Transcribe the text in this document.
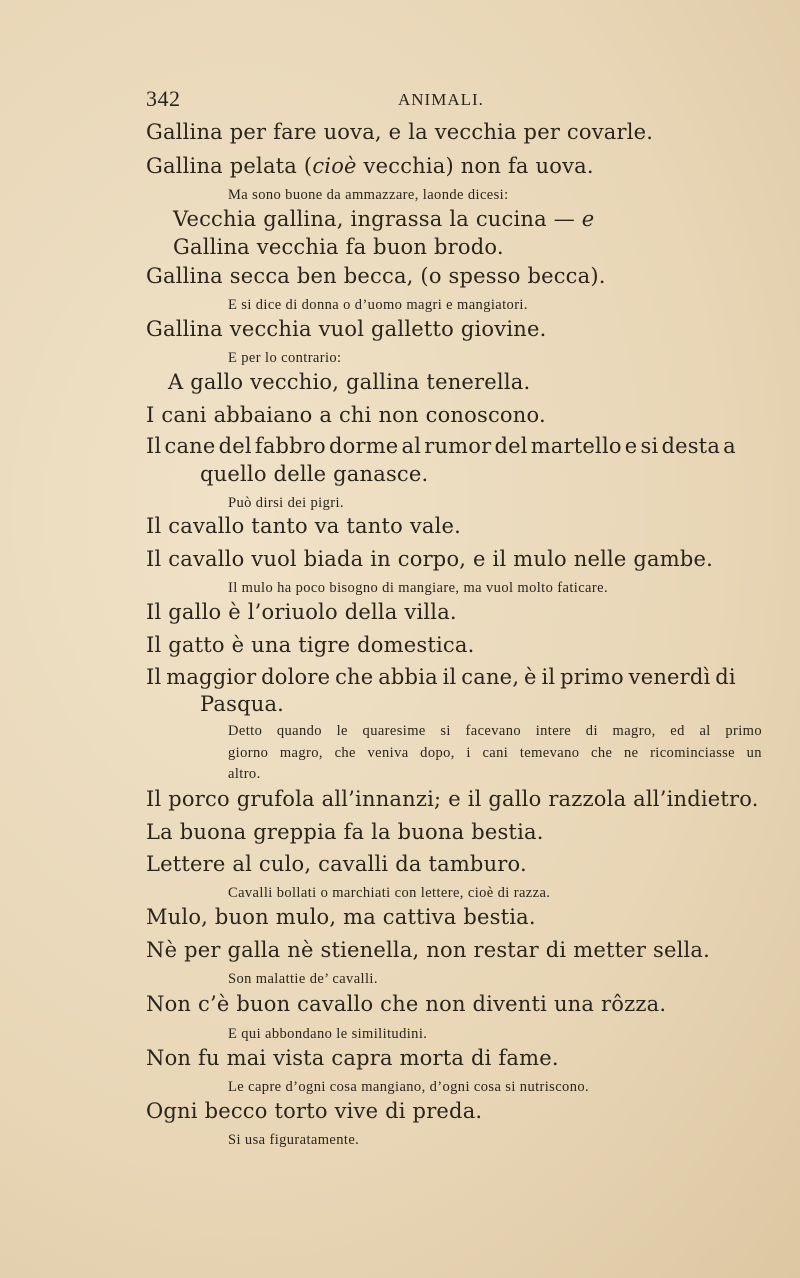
342	ANIMALI.
Gallina per fare uova, e la vecchia per covarle.
Gallina pelata (cioè vecchia) non fa uova.
Ma sono buone da ammazzare, laonde dicesi:
Vecchia gallina, ingrassa la cucina — e
Gallina vecchia fa buon brodo.
Gallina secca ben becca, (o spesso becca).
E si dice di donna o d’uomo magri e mangiatori.
Gallina vecchia vuol galletto giovine.
E per lo contrario:
A gallo vecchio, gallina tenerella.
I cani abbaiano a chi non conoscono.
Il cane del fabbro dorme al rumor del martello e si desta a
quello delle ganasce.
Può dirsi dei pigri.
Il cavallo tanto va tanto vale.
Il cavallo vuol biada in corpo, e il mulo nelle gambe.
Il mulo ha poco bisogno di mangiare, ma vuol molto faticare.
Il gallo è l’oriuolo della villa.
Il gatto è una tigre domestica.
Il maggior dolore che abbia il cane, è il primo venerdì di
Pasqua.
Detto quando le quaresime si facevano intere di magro, ed al primo
giorno magro, che veniva dopo, i cani temevano che ne ricominciasse un
altro.
Il porco grufola all’innanzi; e il gallo razzola all’indietro.
La buona greppia fa la buona bestia.
Lettere al culo, cavalli da tamburo.
Cavalli bollati o marchiati con lettere, cioè di razza.
Mulo, buon mulo, ma cattiva bestia.
Nè per galla nè stienella, non restar di metter sella.
Son malattie de’ cavalli.
Non c’è buon cavallo che non diventi una rôzza.
E qui abbondano le similitudini.
Non fu mai vista capra morta di fame.
Le capre d’ogni cosa mangiano, d’ogni cosa si nutriscono.
Ogni becco torto vive di preda.
Si usa figuratamente.
